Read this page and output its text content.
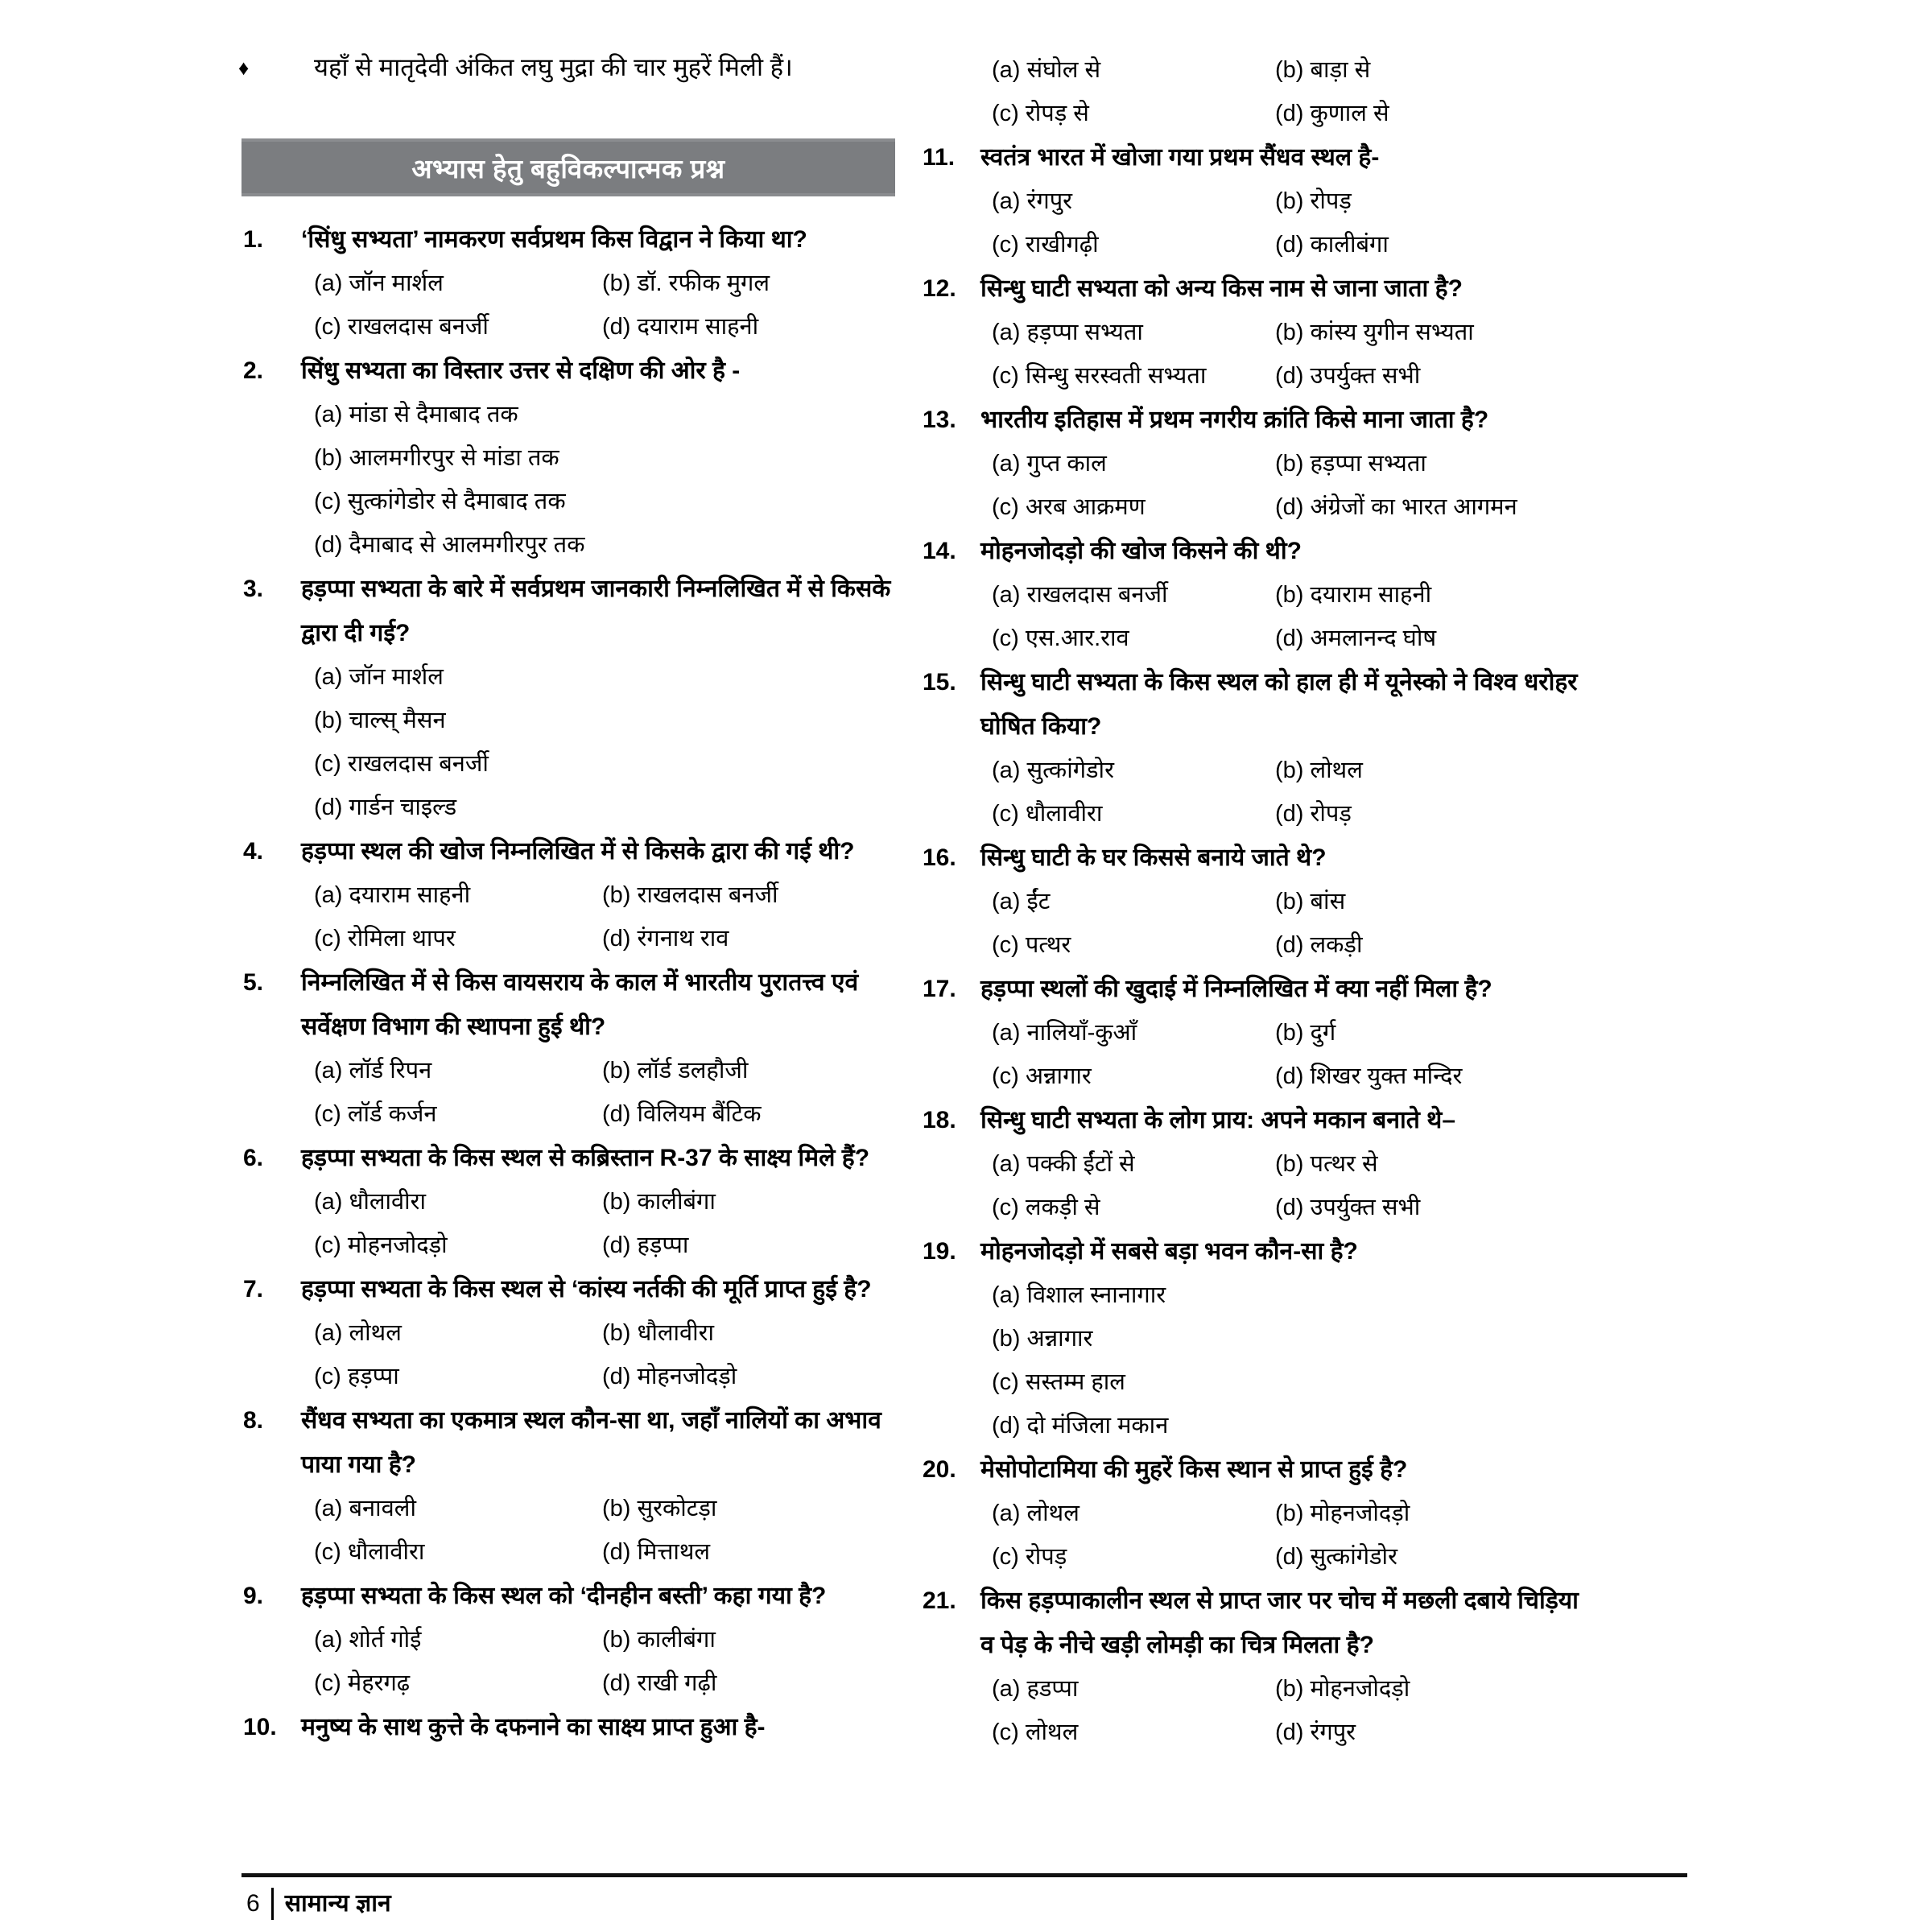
♦	यहाँ से मातृदेवी अंकित लघु मुद्रा की चार मुहरें मिली हैं।
अभ्यास हेतु बहुविकल्पात्मक प्रश्न
1.	‘सिंधु सभ्यता’ नामकरण सर्वप्रथम किस विद्वान ने किया था?
(a) जॉन मार्शल	(b) डॉ. रफीक मुगल
(c) राखलदास बनर्जी	(d) दयाराम साहनी
2.	सिंधु सभ्यता का विस्तार उत्तर से दक्षिण की ओर है -
(a) मांडा से दैमाबाद तक
(b) आलमगीरपुर से मांडा तक
(c) सुत्कांगेडोर से दैमाबाद तक
(d) दैमाबाद से आलमगीरपुर तक
3.	हड़प्पा सभ्यता के बारे में सर्वप्रथम जानकारी निम्नलिखित में से किसके द्वारा दी गई?
(a) जॉन मार्शल
(b) चाल्स्‌ मैसन
(c) राखलदास बनर्जी
(d) गार्डन चाइल्ड
4.	हड़प्पा स्थल की खोज निम्नलिखित में से किसके द्वारा की गई थी?
(a) दयाराम साहनी	(b) राखलदास बनर्जी
(c) रोमिला थापर	(d) रंगनाथ राव
5.	निम्नलिखित में से किस वायसराय के काल में भारतीय पुरातत्त्व एवं सर्वेक्षण विभाग की स्थापना हुई थी?
(a) लॉर्ड रिपन	(b) लॉर्ड डलहौजी
(c) लॉर्ड कर्जन	(d) विलियम बैंटिक
6.	हड़प्पा सभ्यता के किस स्थल से कब्रिस्तान R-37 के साक्ष्य मिले हैं?
(a) धौलावीरा	(b) कालीबंगा
(c) मोहनजोदड़ो	(d) हड़प्पा
7.	हड़प्पा सभ्यता के किस स्थल से ‘कांस्य नर्तकी की मूर्ति प्राप्त हुई है?
(a) लोथल	(b) धौलावीरा
(c) हड़प्पा	(d) मोहनजोदड़ो
8.	सैंधव सभ्यता का एकमात्र स्थल कौन-सा था, जहाँ नालियों का अभाव पाया गया है?
(a) बनावली	(b) सुरकोटड़ा
(c) धौलावीरा	(d) मित्ताथल
9.	हड़प्पा सभ्यता के किस स्थल को ‘दीनहीन बस्ती’ कहा गया है?
(a) शोर्त गोई	(b) कालीबंगा
(c) मेहरगढ़	(d) राखी गढ़ी
10.	मनुष्य के साथ कुत्ते के दफनाने का साक्ष्य प्राप्त हुआ है-
(a) संघोल से	(b) बाड़ा से
(c) रोपड़ से	(d) कुणाल से
11.	स्वतंत्र भारत में खोजा गया प्रथम सैंधव स्थल है-
(a) रंगपुर	(b) रोपड़
(c) राखीगढ़ी	(d) कालीबंगा
12.	सिन्धु घाटी सभ्यता को अन्य किस नाम से जाना जाता है?
(a) हड़प्पा सभ्यता	(b) कांस्य युगीन सभ्यता
(c) सिन्धु सरस्वती सभ्यता	(d) उपर्युक्त सभी
13.	भारतीय इतिहास में प्रथम नगरीय क्रांति किसे माना जाता है?
(a) गुप्त काल	(b) हड़प्पा सभ्यता
(c) अरब आक्रमण	(d) अंग्रेजों का भारत आगमन
14.	मोहनजोदड़ो की खोज किसने की थी?
(a) राखलदास बनर्जी	(b) दयाराम साहनी
(c) एस.आर.राव	(d) अमलानन्द घोष
15.	सिन्धु घाटी सभ्यता के किस स्थल को हाल ही में यूनेस्को ने विश्व धरोहर घोषित किया?
(a) सुत्कांगेडोर	(b) लोथल
(c) धौलावीरा	(d) रोपड़
16.	सिन्धु घाटी के घर किससे बनाये जाते थे?
(a) ईंट	(b) बांस
(c) पत्थर	(d) लकड़ी
17.	हड़प्पा स्थलों की खुदाई में निम्नलिखित में क्या नहीं मिला है?
(a) नालियाँ-कुआँ	(b) दुर्ग
(c) अन्नागार	(d) शिखर युक्त मन्दिर
18.	सिन्धु घाटी सभ्यता के लोग प्राय: अपने मकान बनाते थे–
(a) पक्की ईंटों से	(b) पत्थर से
(c) लकड़ी से	(d) उपर्युक्त सभी
19.	मोहनजोदड़ो में सबसे बड़ा भवन कौन-सा है?
(a) विशाल स्नानागार
(b) अन्नागार
(c) सस्तम्म हाल
(d) दो मंजिला मकान
20.	मेसोपोटामिया की मुहरें किस स्थान से प्राप्त हुई है?
(a) लोथल	(b) मोहनजोदड़ो
(c) रोपड़	(d) सुत्कांगेडोर
21.	किस हड़प्पाकालीन स्थल से प्राप्त जार पर चोच में मछली दबाये चिड़िया व पेड़ के नीचे खड़ी लोमड़ी का चित्र मिलता है?
(a) हडप्पा	(b) मोहनजोदड़ो
(c) लोथल	(d) रंगपुर
6 सामान्य ज्ञान
